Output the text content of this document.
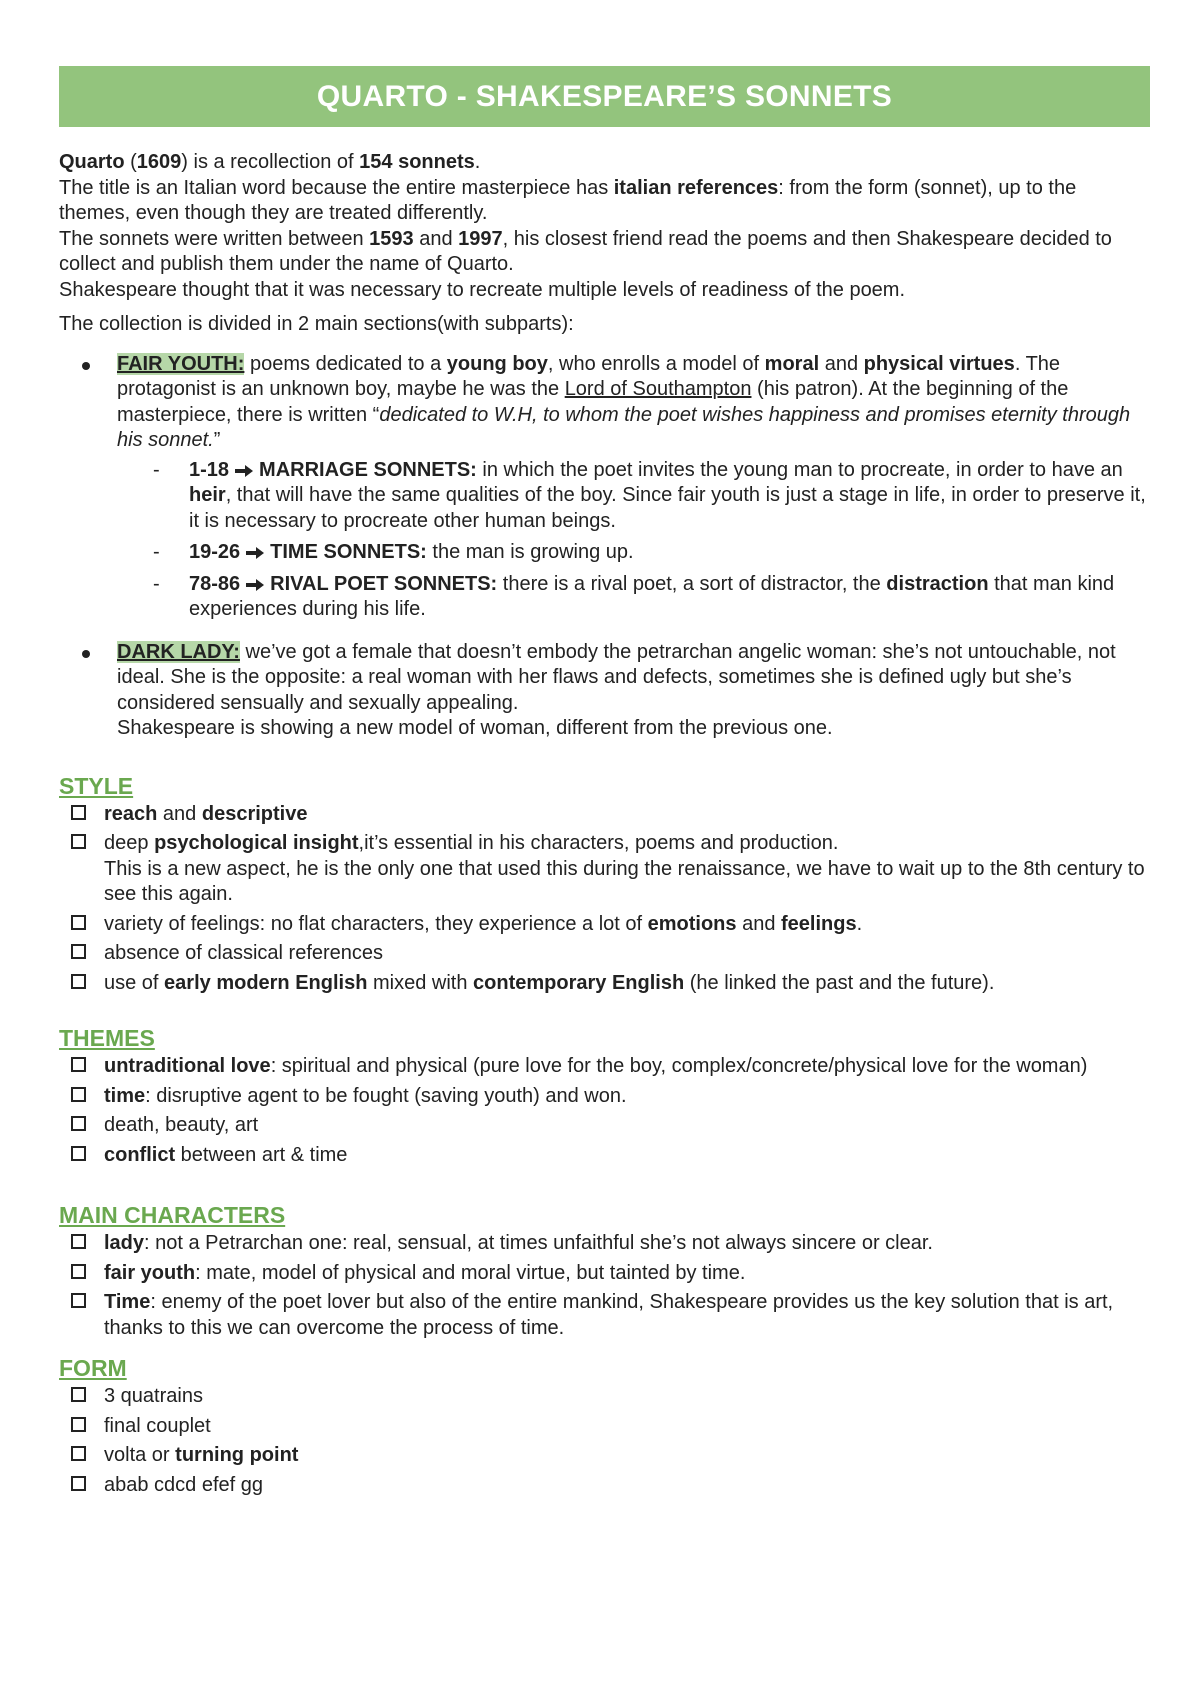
QUARTO - SHAKESPEARE’S SONNETS

Quarto (1609) is a recollection of 154 sonnets.

The title is an Italian word because the entire masterpiece has italian references: from the form (sonnet), up to the themes, even though they are treated differently.

The sonnets were written between 1593 and 1997, his closest friend read the poems and then Shakespeare decided to collect and publish them under the name of Quarto.

Shakespeare thought that it was necessary to recreate multiple levels of readiness of the poem.

The collection is divided in 2 main sections(with subparts):

FAIR YOUTH: poems dedicated to a young boy, who enrolls a model of moral and physical virtues. The protagonist is an unknown boy, maybe he was the Lord of Southampton (his patron). At the beginning of the masterpiece, there is written “dedicated to W.H, to whom the poet wishes happiness and promises eternity through his sonnet.”
- 1-18 MARRIAGE SONNETS: in which the poet invites the young man to procreate, in order to have an heir, that will have the same qualities of the boy. Since fair youth is just a stage in life, in order to preserve it, it is necessary to procreate other human beings.
- 19-26 TIME SONNETS: the man is growing up.
- 78-86 RIVAL POET SONNETS: there is a rival poet, a sort of distractor, the distraction that man kind experiences during his life.
DARK LADY: we’ve got a female that doesn’t embody the petrarchan angelic woman: she’s not untouchable, not ideal. She is the opposite: a real woman with her flaws and defects, sometimes she is defined ugly but she’s considered sensually and sexually appealing.
Shakespeare is showing a new model of woman, different from the previous one.
STYLE
reach and descriptive
deep psychological insight,it’s essential in his characters, poems and production.
This is a new aspect, he is the only one that used this during the renaissance, we have to wait up to the 8th century to see this again.
variety of feelings: no flat characters, they experience a lot of emotions and feelings.
absence of classical references
use of early modern English mixed with contemporary English (he linked the past and the future).
THEMES
untraditional love: spiritual and physical (pure love for the boy, complex/concrete/physical love for the woman)
time: disruptive agent to be fought (saving youth) and won.
death, beauty, art
conflict between art & time
MAIN CHARACTERS
lady: not a Petrarchan one: real, sensual, at times unfaithful she’s not always sincere or clear.
fair youth: mate, model of physical and moral virtue, but tainted by time.
Time: enemy of the poet lover but also of the entire mankind, Shakespeare provides us the key solution that is art, thanks to this we can overcome the process of time.
FORM
3 quatrains
final couplet
volta or turning point
abab cdcd efef gg
